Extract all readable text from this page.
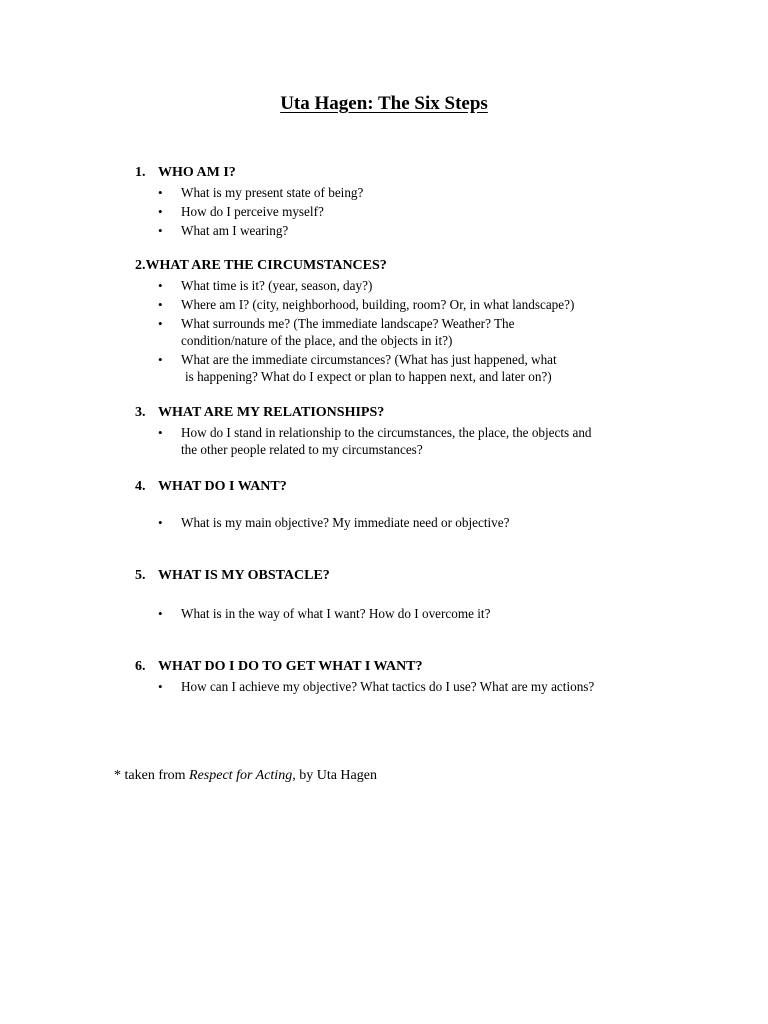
Uta Hagen: The Six Steps
1. WHO AM I?
• What is my present state of being?
• How do I perceive myself?
• What am I wearing?
2.WHAT ARE THE CIRCUMSTANCES?
• What time is it? (year, season, day?)
• Where am I? (city, neighborhood, building, room? Or, in what landscape?)
• What surrounds me? (The immediate landscape? Weather? The
condition/nature of the place, and the objects in it?)
• What are the immediate circumstances? (What has just happened, what
is happening? What do I expect or plan to happen next, and later on?)
3. WHAT ARE MY RELATIONSHIPS?
• How do I stand in relationship to the circumstances, the place, the objects and
the other people related to my circumstances?
4. WHAT DO I WANT?
• What is my main objective? My immediate need or objective?
5. WHAT IS MY OBSTACLE?
• What is in the way of what I want? How do I overcome it?
6. WHAT DO I DO TO GET WHAT I WANT?
• How can I achieve my objective? What tactics do I use? What are my actions?
* taken from Respect for Acting, by Uta Hagen
